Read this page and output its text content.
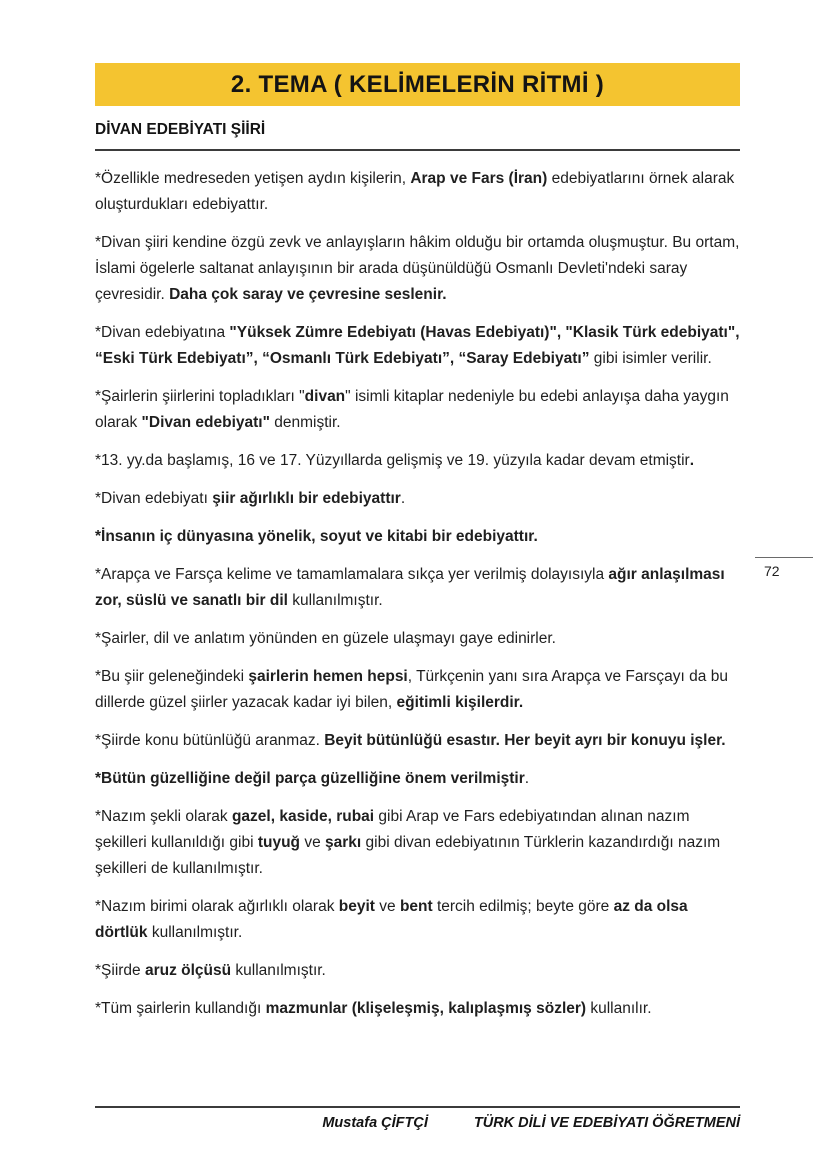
2. TEMA ( KELİMELERİN RİTMİ )
DİVAN EDEBİYATI ŞİİRİ

*Özellikle medreseden yetişen aydın kişilerin, Arap ve Fars (İran) edebiyatlarını örnek alarak oluşturdukları edebiyattır.

*Divan şiiri kendine özgü zevk ve anlayışların hâkim olduğu bir ortamda oluşmuştur. Bu ortam, İslami ögelerle saltanat anlayışının bir arada düşünüldüğü Osmanlı Devleti'ndeki saray çevresidir. Daha çok saray ve çevresine seslenir.

*Divan edebiyatına "Yüksek Zümre Edebiyatı (Havas Edebiyatı)", "Klasik Türk edebiyatı", “Eski Türk Edebiyatı”, “Osmanlı Türk Edebiyatı”, “Saray Edebiyatı” gibi isimler verilir.

*Şairlerin şiirlerini topladıkları "divan" isimli kitaplar nedeniyle bu edebi anlayışa daha yaygın olarak "Divan edebiyatı" denmiştir.

*13. yy.da başlamış, 16 ve 17. Yüzyıllarda gelişmiş ve 19. yüzyıla kadar devam etmiştir.

*Divan edebiyatı şiir ağırlıklı bir edebiyattır.

*İnsanın iç dünyasına yönelik, soyut ve kitabi bir edebiyattır.

*Arapça ve Farsça kelime ve tamamlamalara sıkça yer verilmiş dolayısıyla ağır anlaşılması zor, süslü ve sanatlı bir dil kullanılmıştır.

*Şairler, dil ve anlatım yönünden en güzele ulaşmayı gaye edinirler.

*Bu şiir geleneğindeki şairlerin hemen hepsi, Türkçenin yanı sıra Arapça ve Farsçayı da bu dillerde güzel şiirler yazacak kadar iyi bilen, eğitimli kişilerdir.

*Şiirde konu bütünlüğü aranmaz. Beyit bütünlüğü esastır. Her beyit ayrı bir konuyu işler.

*Bütün güzelliğine değil parça güzelliğine önem verilmiştir.

*Nazım şekli olarak gazel, kaside, rubai gibi Arap ve Fars edebiyatından alınan nazım şekilleri kullanıldığı gibi tuyuğ ve şarkı gibi divan edebiyatının Türklerin kazandırdığı nazım şekilleri de kullanılmıştır.

*Nazım birimi olarak ağırlıklı olarak beyit ve bent tercih edilmiş; beyte göre az da olsa dörtlük kullanılmıştır.

*Şiirde aruz ölçüsü kullanılmıştır.

*Tüm şairlerin kullandığı mazmunlar (klişeleşmiş, kalıplaşmış sözler) kullanılır.

72
Mustafa ÇİFTÇİ	TÜRK DİLİ VE EDEBİYATI ÖĞRETMENİ
